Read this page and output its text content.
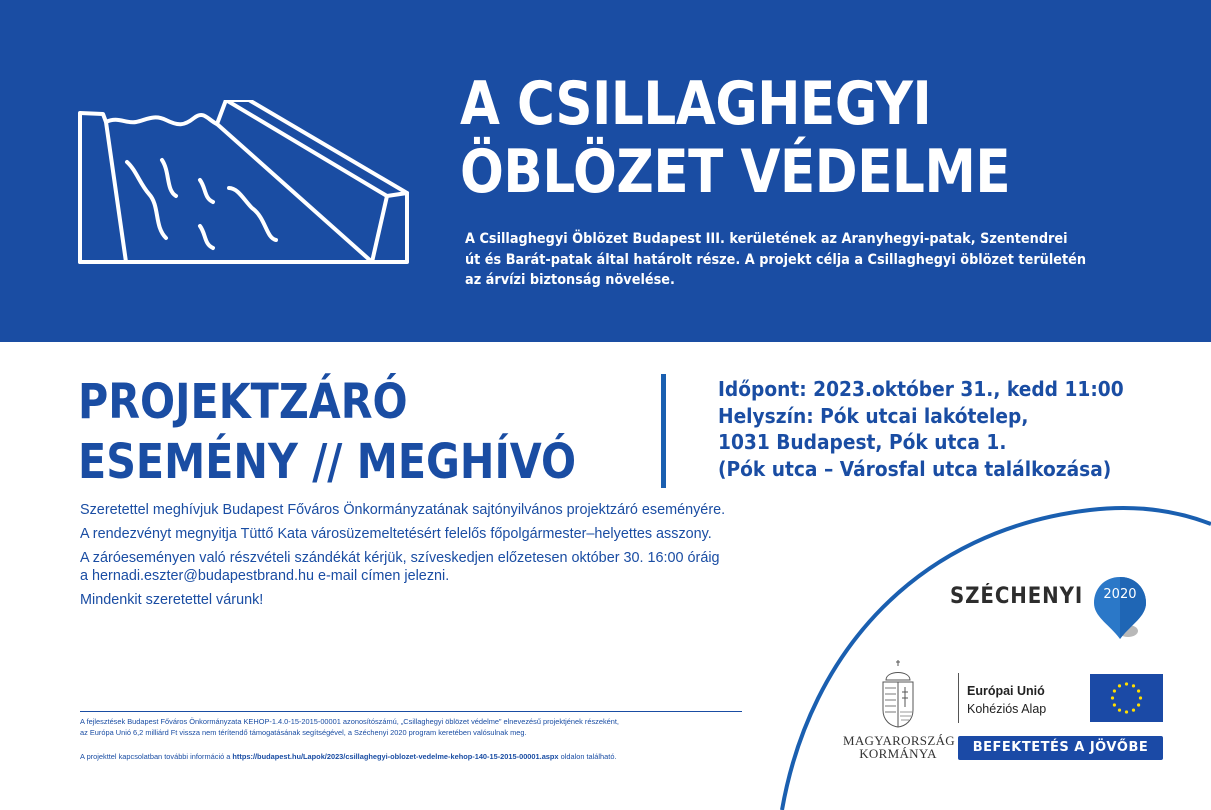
A CSILLAGHEGYI
ÖBLÖZET VÉDELME
A Csillaghegyi Öblözet Budapest III. kerületének az Aranyhegyi-patak, Szentendrei
út és Barát-patak által határolt része. A projekt célja a Csillaghegyi öblözet területén
az árvízi biztonság növelése.
PROJEKTZÁRÓ
ESEMÉNY // MEGHÍVÓ
Időpont: 2023.október 31., kedd 11:00
Helyszín: Pók utcai lakótelep,
1031 Budapest, Pók utca 1.
(Pók utca – Városfal utca találkozása)

Szeretettel meghívjuk Budapest Főváros Önkormányzatának sajtónyilvános projektzáró eseményére.

A rendezvényt megnyitja Tüttő Kata városüzemeltetésért felelős főpolgármester–helyettes asszony.

A záróeseményen való részvételi szándékát kérjük, szíveskedjen előzetesen október 30. 16:00 óráig
a hernadi.eszter@budapestbrand.hu e-mail címen jelezni.

Mindenkit szeretettel várunk!

A fejlesztések Budapest Főváros Önkormányzata KEHOP-1.4.0-15-2015-00001 azonosítószámú, „Csillaghegyi öblözet védelme” elnevezésű projektjének részeként,
az Európa Unió 6,2 milliárd Ft vissza nem térítendő támogatásának segítségével, a Széchenyi 2020 program keretében valósulnak meg.
A projekttel kapcsolatban további információ a https://budapest.hu/Lapok/2023/csillaghegyi-oblozet-vedelme-kehop-140-15-2015-00001.aspx oldalon található.
SZÉCHENYI	2020
MAGYARORSZÁG
KORMÁNYA
Európai Unió
Kohéziós Alap
BEFEKTETÉS A JÖVŐBE
